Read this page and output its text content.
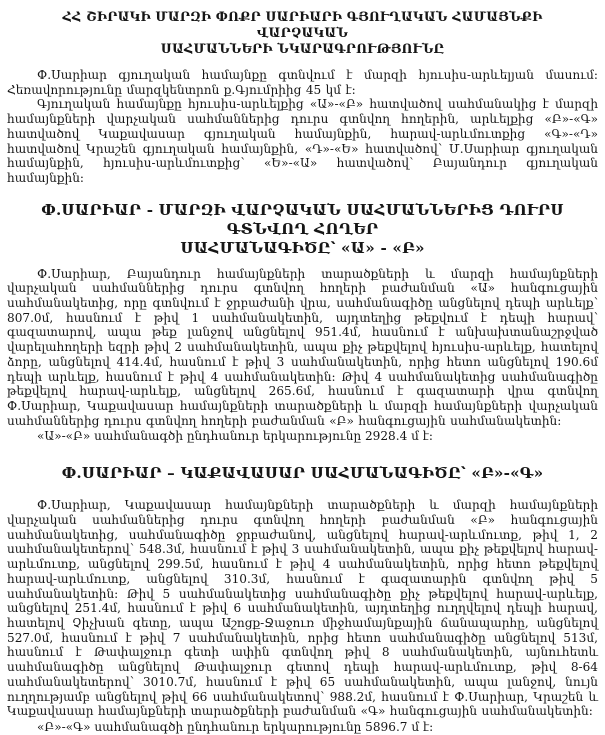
ՀՀ ՇԻՐԱԿԻ ՄԱՐԶԻ ՓՈՔՐ ՍԱՐԻԱՐԻ ԳՅՈՒՂԱԿԱՆ ՀԱՄԱՅՆՔԻ ՎԱՐՉԱԿԱՆ
ՍԱՀՄԱՆՆԵՐԻ ՆԿԱՐԱԳՐՈՒԹՅՈՒՆԸ

Փ.Սարիար գյուղական համայնքը գտնվում է մարզի հյուսիս-արևելյան մասում: Հեռավորությունը մարզկենտրոն ք.Գյումրիից 45 կմ է:

Գյուղական համայնքը հյուսիս-արևելքից «Ա»-«Բ» հատվածով սահմանակից է մարզի համայնքների վարչական սահմաններից դուրս գտնվող հողերին, արևելքից «Բ»-«Գ» հատվածով Կաքավասար գյուղական համայնքին, հարավ-արևմուտքից «Գ»-«Դ» հատվածով Կրաշեն գյուղական համայնքին, «Դ»-«Ե» հատվածով՝ Մ.Սարիար գյուղական համայնքին, հյուսիս-արևմուտքից՝ «Ե»-«Ա» հատվածով՝ Բայանդուր գյուղական համայնքին:

Փ.ՍԱՐԻԱՐ - ՄԱՐԶԻ ՎԱՐՉԱԿԱՆ ՍԱՀՄԱՆՆԵՐԻՑ ԴՈՒՐՍ ԳՏՆՎՈՂ ՀՈՂԵՐ
ՍԱՀՄԱՆԱԳԻԾԸ՝ «Ա» - «Բ»

Փ.Սարիար, Բայանդուր համայնքների տարածքների և մարզի համայնքների վարչական սահմաններից դուրս գտնվող հողերի բաժանման «Ա» հանգուցային սահմանակետից, որը գտնվում է ջրբաժանի վրա, սահմանագիծը անցնելով դեպի արևելք՝ 807.0մ, հասնում է թիվ 1 սահմանակետին, այդտեղից թեքվում է դեպի հարավ՝ գազատարով, ապա թեք լանջով անցնելով 951.4մ, հասնում է անխախտանաշրջված վարելահողերի եզրի թիվ 2 սահմանակետին, ապա քիչ թեքվելով հյուսիս-արևելք, հատելով ձորը, անցնելով 414.4մ, հասնում է թիվ 3 սահմանակետին, որից հետո անցնելով 190.6մ դեպի արևելք, հասնում է թիվ 4 սահմանակետին: Թիվ 4 սահմանակետից սահմանագիծը թեքվելով հարավ-արևելք, անցնելով 265.6մ, հասնում է գազատարի վրա գտնվող Փ.Սարիար, Կաքավասար համայնքների տարածքների և մարզի համայնքների վարչական սահմաններից դուրս գտնվող հողերի բաժանման «Բ» հանգուցային սահմանակետին:

«Ա»-«Բ» սահմանագծի ընդհանուր երկարությունը 2928.4 մ է:

Փ.ՍԱՐԻԱՐ – ԿԱՔԱՎԱՍԱՐ ՍԱՀՄԱՆԱԳԻԾԸ՝ «Բ»-«Գ»

Փ.Սարիար, Կաքավասար համայնքների տարածքների և մարզի համայնքների վարչական սահմաններից դուրս գտնվող հողերի բաժանման «Բ» հանգուցային սահմանակետից, սահմանագիծը ջրբաժանով, անցնելով հարավ-արևմուտք, թիվ 1, 2 սահմանակետերով՝ 548.3մ, հասնում է թիվ 3 սահմանակետին, ապա քիչ թեքվելով հարավ-արևմուտք, անցնելով 299.5մ, հասնում է թիվ 4 սահմանակետին, որից հետո թեքվելով հարավ-արևմուտք, անցնելով 310.3մ, հասնում է գազատարին գտնվող թիվ 5 սահմանակետին: Թիվ 5 սահմանակետից սահմանագիծը քիչ թեքվելով հարավ-արևելք, անցնելով 251.4մ, հասնում է թիվ 6 սահմանակետին, այդտեղից ուղղվելով դեպի հարավ, հատելով Չիչխան գետը, ապա Աշոցք-Ջաջուռ միջհամայնքային ճանապարհը, անցնելով 527.0մ, հասնում է թիվ 7 սահմանակետին, որից հետո սահմանագիծը անցնելով 513մ, հասնում է Թափալջուր գետի ափին գտնվող թիվ 8 սահմանակետին, այնուհետև սահմանագիծը անցնելով Թափալջուր գետով դեպի հարավ-արևմուտք, թիվ 8-64 սահմանակետերով՝ 3010.7մ, հասնում է թիվ 65 սահմանակետին, ապա լանջով, նույն ուղղությամբ անցնելով թիվ 66 սահմանակետով՝ 988.2մ, հասնում է Փ.Սարիար, Կրաշեն և Կաքավասար համայնքների տարածքների բաժանման «Գ» հանգուցային սահմանակետին:

«Բ»-«Գ» սահմանագծի ընդհանուր երկարությունը 5896.7 մ է:
